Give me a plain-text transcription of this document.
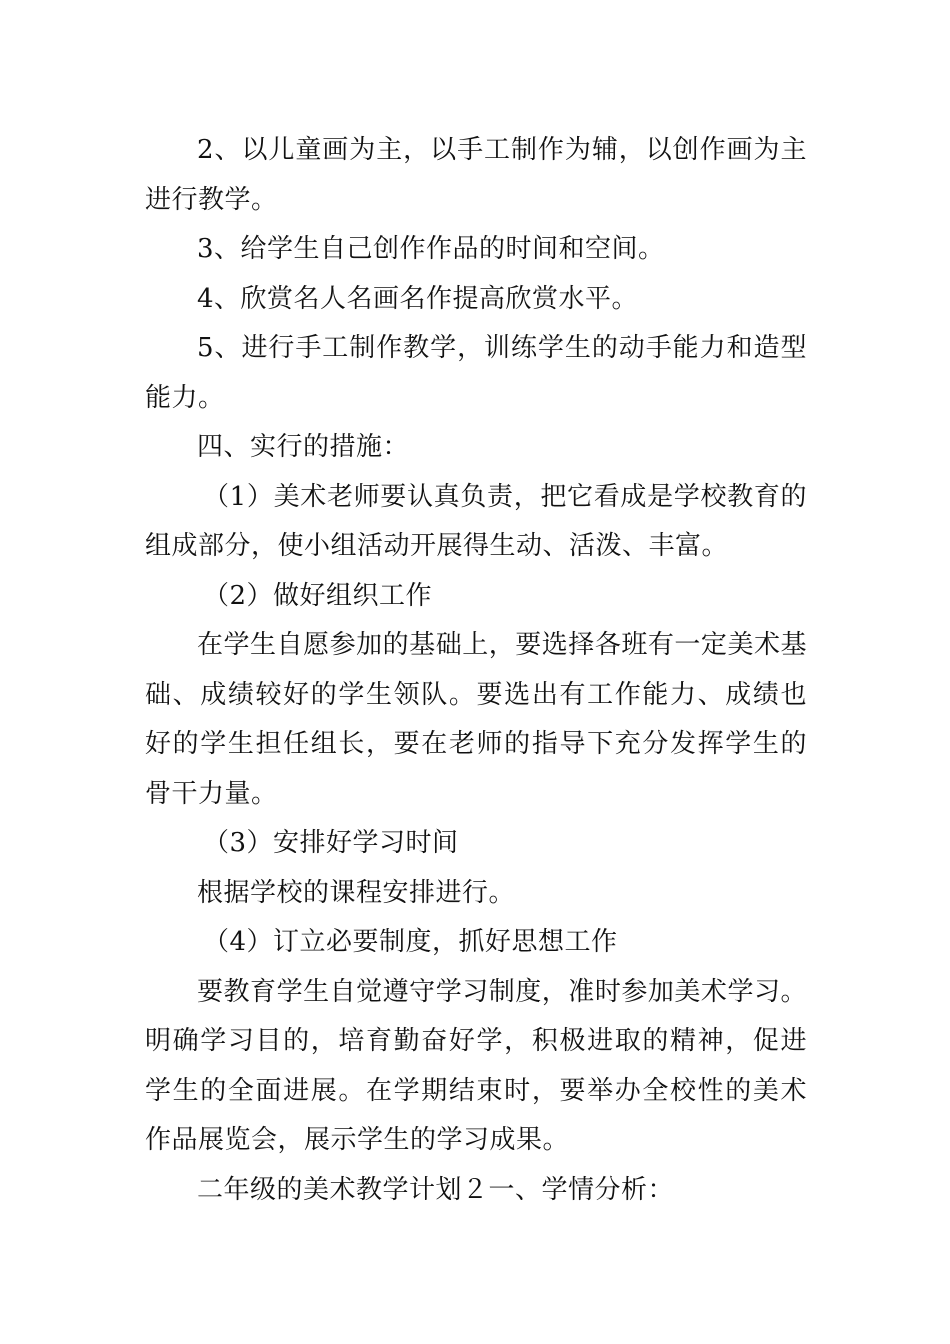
2、以儿童画为主，以手工制作为辅，以创作画为主进行教学。

3、给学生自己创作作品的时间和空间。

4、欣赏名人名画名作提高欣赏水平。

5、进行手工制作教学，训练学生的动手能力和造型能力。

四、实行的措施：

（1）美术老师要认真负责，把它看成是学校教育的组成部分，使小组活动开展得生动、活泼、丰富。

（2）做好组织工作

在学生自愿参加的基础上，要选择各班有一定美术基础、成绩较好的学生领队。要选出有工作能力、成绩也好的学生担任组长，要在老师的指导下充分发挥学生的骨干力量。

（3）安排好学习时间

根据学校的课程安排进行。

（4）订立必要制度，抓好思想工作

要教育学生自觉遵守学习制度，准时参加美术学习。明确学习目的，培育勤奋好学，积极进取的精神，促进学生的全面进展。在学期结束时，要举办全校性的美术作品展览会，展示学生的学习成果。

二年级的美术教学计划２一、学情分析：
